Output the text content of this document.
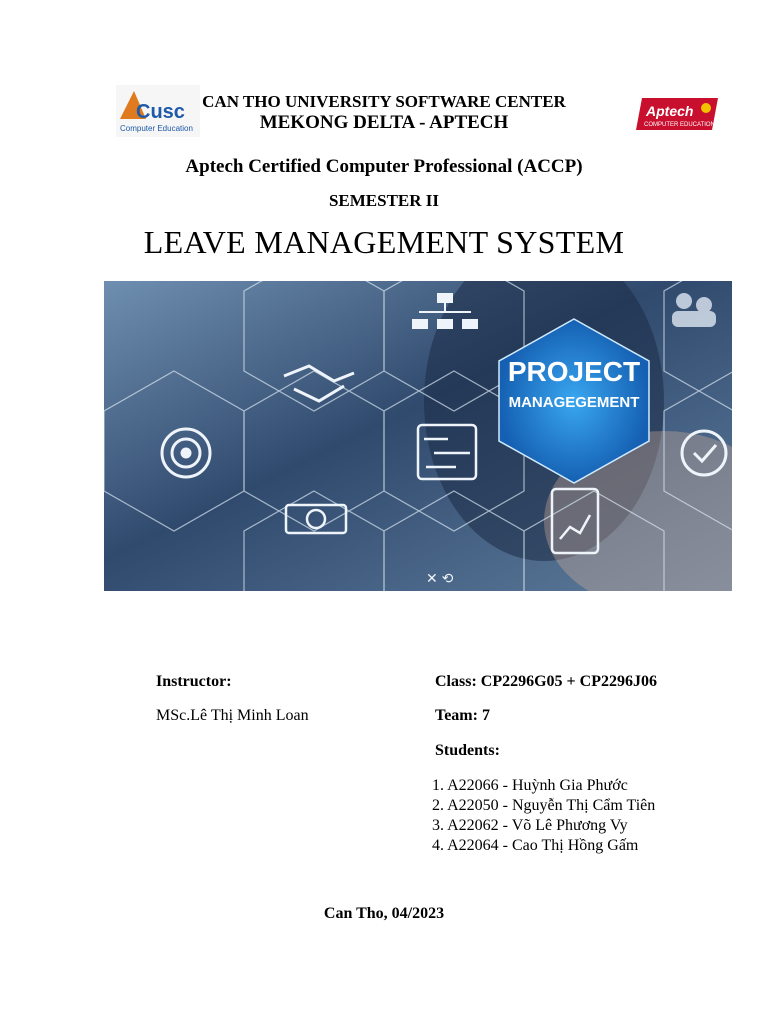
Cusc
Computer Education
Aptech
COMPUTER EDUCATION
CAN THO UNIVERSITY SOFTWARE CENTER
MEKONG DELTA - APTECH
Aptech Certified Computer Professional (ACCP)
SEMESTER II
LEAVE MANAGEMENT SYSTEM
PROJECT
MANAGEGEMENT
✕ ⟲
Instructor:
MSc.Lê Thị Minh Loan
Class: CP2296G05 + CP2296J06
Team: 7
Students:
1. A22066 - Huỳnh Gia Phước
2. A22050 - Nguyễn Thị Cẩm Tiên
3. A22062 - Võ Lê Phương Vy
4. A22064 - Cao Thị Hồng Gấm
Can Tho, 04/2023
